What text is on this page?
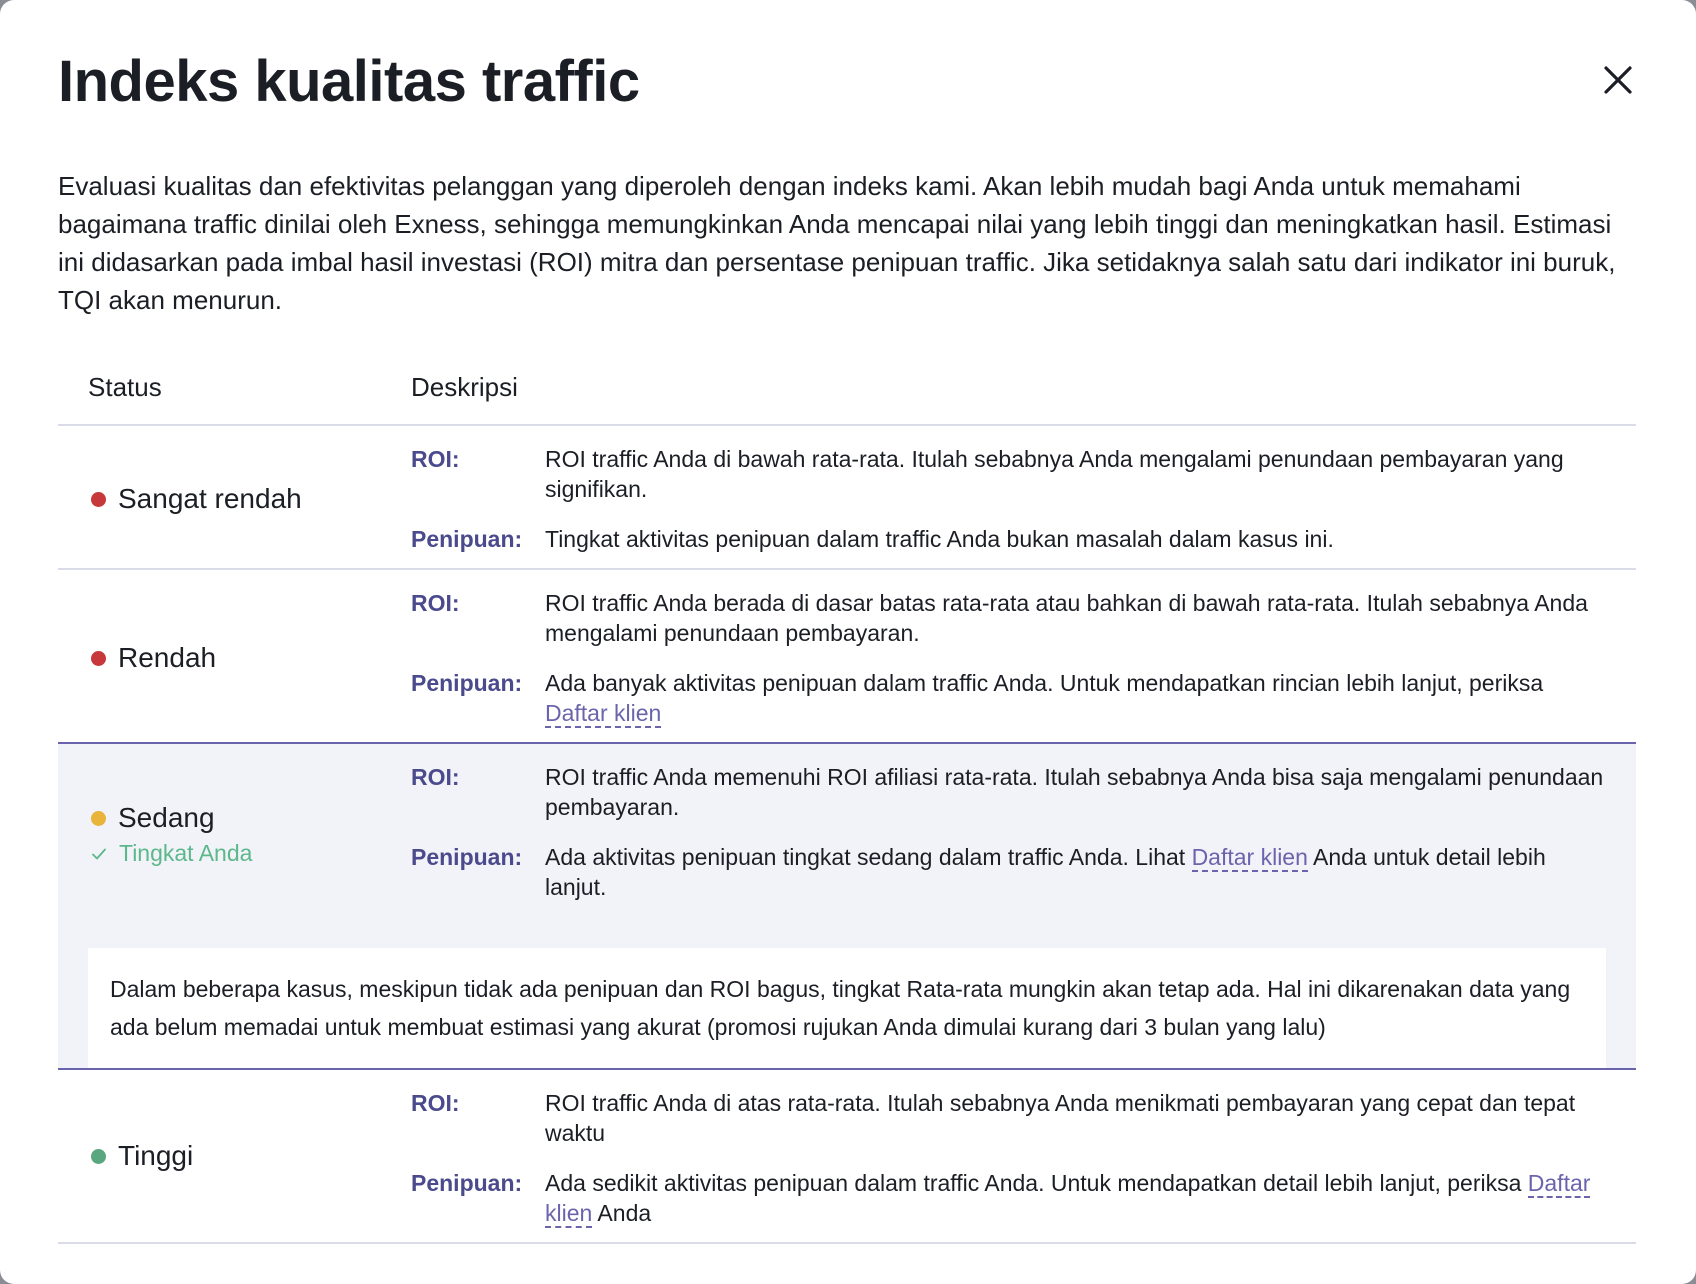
Indeks kualitas traffic

Evaluasi kualitas dan efektivitas pelanggan yang diperoleh dengan indeks kami. Akan lebih mudah bagi Anda untuk memahami bagaimana traffic dinilai oleh Exness, sehingga memungkinkan Anda mencapai nilai yang lebih tinggi dan meningkatkan hasil. Estimasi ini didasarkan pada imbal hasil investasi (ROI) mitra dan persentase penipuan traffic. Jika setidaknya salah satu dari indikator ini buruk, TQI akan menurun.

Status	Deskripsi
Sangat rendah
ROI:	ROI traffic Anda di bawah rata-rata. Itulah sebabnya Anda mengalami penundaan pembayaran yang signifikan.
Penipuan: Tingkat aktivitas penipuan dalam traffic Anda bukan masalah dalam kasus ini.
Rendah
ROI:	ROI traffic Anda berada di dasar batas rata-rata atau bahkan di bawah rata-rata. Itulah sebabnya Anda mengalami penundaan pembayaran.
Penipuan: Ada banyak aktivitas penipuan dalam traffic Anda. Untuk mendapatkan rincian lebih lanjut, periksa Daftar klien
Sedang
Tingkat Anda
ROI:	ROI traffic Anda memenuhi ROI afiliasi rata-rata. Itulah sebabnya Anda bisa saja mengalami penundaan pembayaran.
Penipuan: Ada aktivitas penipuan tingkat sedang dalam traffic Anda. Lihat Daftar klien Anda untuk detail lebih lanjut.
Dalam beberapa kasus, meskipun tidak ada penipuan dan ROI bagus, tingkat Rata-rata mungkin akan tetap ada. Hal ini dikarenakan data yang ada belum memadai untuk membuat estimasi yang akurat (promosi rujukan Anda dimulai kurang dari 3 bulan yang lalu)
Tinggi
ROI:	ROI traffic Anda di atas rata-rata. Itulah sebabnya Anda menikmati pembayaran yang cepat dan tepat waktu
Penipuan: Ada sedikit aktivitas penipuan dalam traffic Anda. Untuk mendapatkan detail lebih lanjut, periksa Daftar klien Anda
